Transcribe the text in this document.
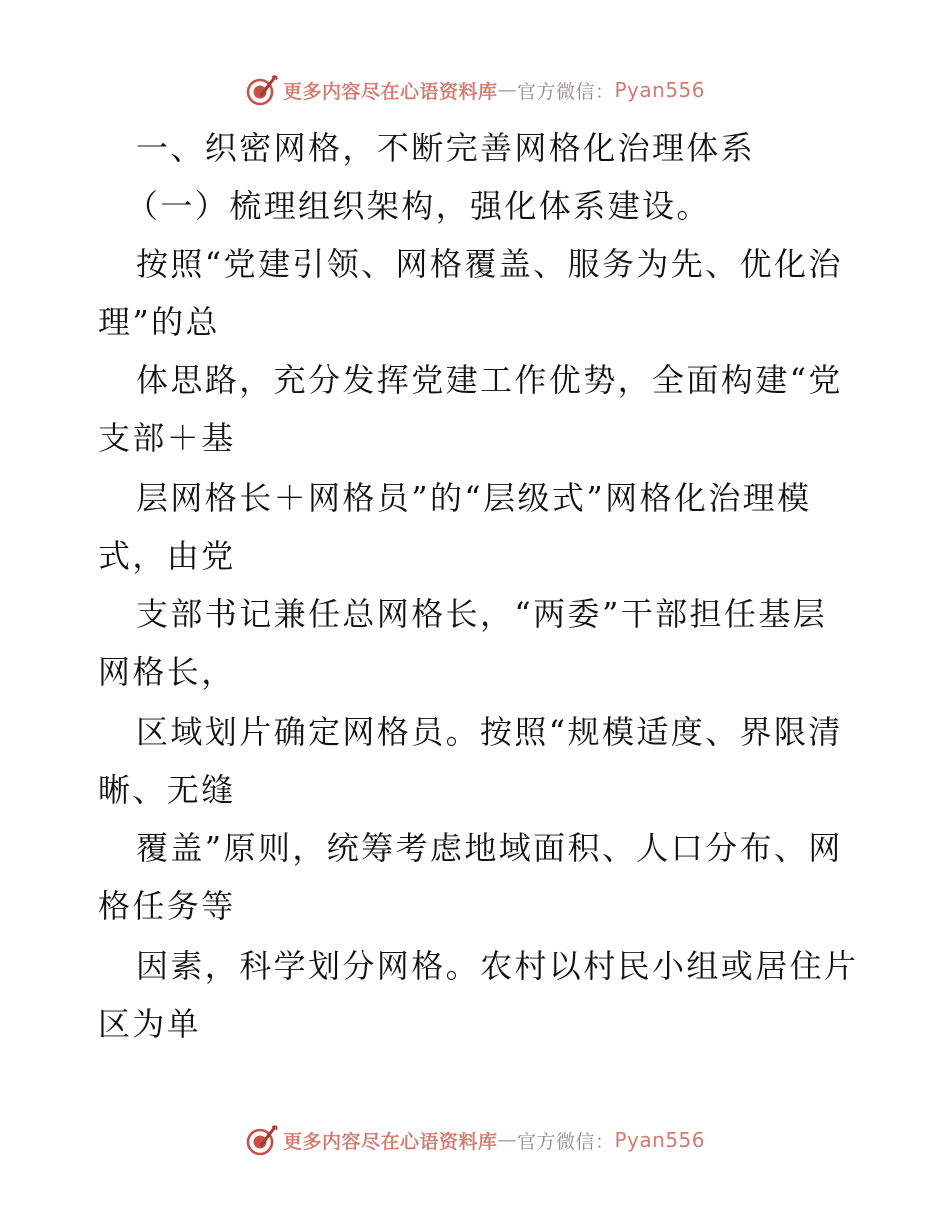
更多内容尽在心语资料库 — 官方微信： Pyan556
一、织密网格，不断完善网格化治理体系
（一）梳理组织架构，强化体系建设。
按照“党建引领、网格覆盖、服务为先、优化治
理”的总
体思路，充分发挥党建工作优势，全面构建“党
支部＋基
层网格长＋网格员”的“层级式”网格化治理模
式，由党
支部书记兼任总网格长，“两委”干部担任基层
网格长，
区域划片确定网格员。按照“规模适度、界限清
晰、无缝
覆盖”原则，统筹考虑地域面积、人口分布、网
格任务等
因素，科学划分网格。农村以村民小组或居住片
区为单
更多内容尽在心语资料库 — 官方微信： Pyan556
